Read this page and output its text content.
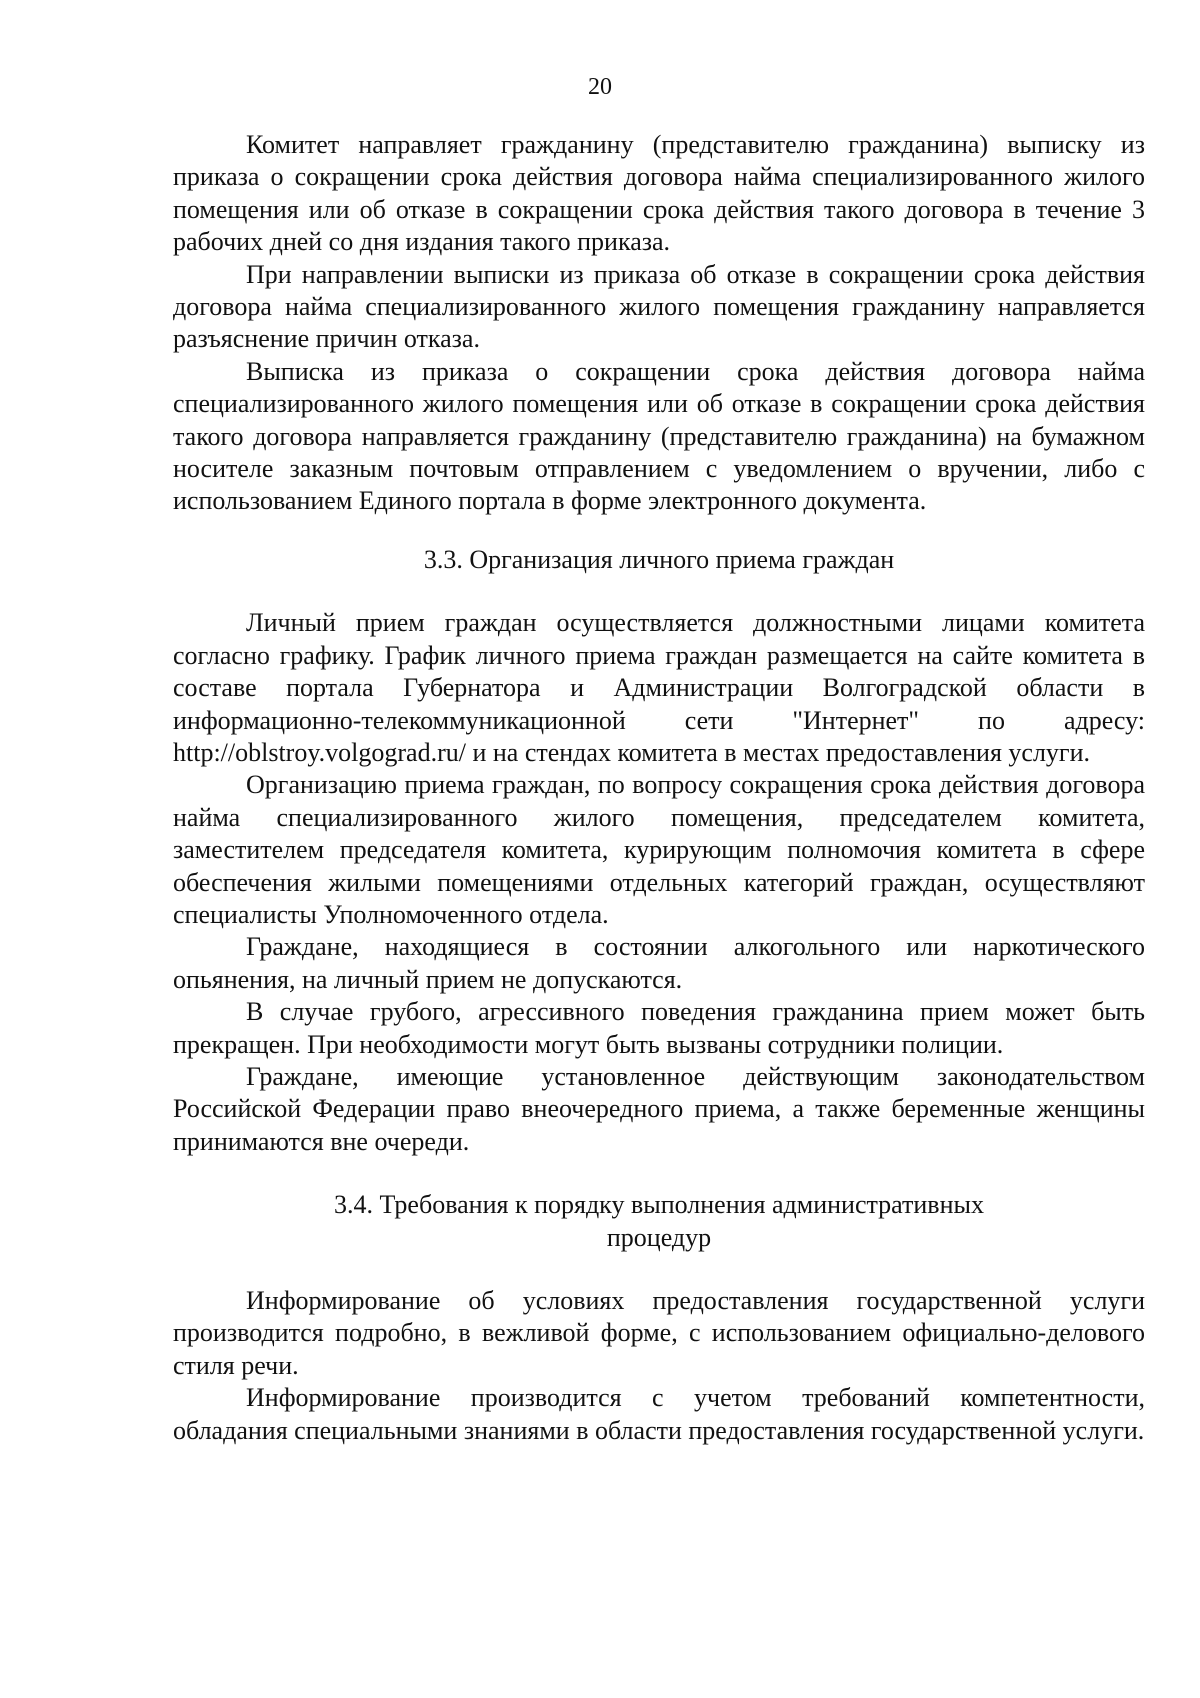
20

Комитет направляет гражданину (представителю гражданина) выписку из приказа о сокращении срока действия договора найма специализированного жилого помещения или об отказе в сокращении срока действия такого договора в течение 3 рабочих дней со дня издания такого приказа.

При направлении выписки из приказа об отказе в сокращении срока действия договора найма специализированного жилого помещения гражданину направляется разъяснение причин отказа.

Выписка из приказа о сокращении срока действия договора найма специализированного жилого помещения или об отказе в сокращении срока действия такого договора направляется гражданину (представителю гражданина) на бумажном носителе заказным почтовым отправлением с уведомлением о вручении, либо с использованием Единого портала в форме электронного документа.

3.3. Организация личного приема граждан

Личный прием граждан осуществляется должностными лицами комитета согласно графику. График личного приема граждан размещается на сайте комитета в составе портала Губернатора и Администрации Волгоградской области в информационно-телекоммуникационной сети "Интернет" по адресу: http://oblstroy.volgograd.ru/ и на стендах комитета в местах предоставления услуги.

Организацию приема граждан, по вопросу сокращения срока действия договора найма специализированного жилого помещения, председателем комитета, заместителем председателя комитета, курирующим полномочия комитета в сфере обеспечения жилыми помещениями отдельных категорий граждан, осуществляют специалисты Уполномоченного отдела.

Граждане, находящиеся в состоянии алкогольного или наркотического опьянения, на личный прием не допускаются.

В случае грубого, агрессивного поведения гражданина прием может быть прекращен. При необходимости могут быть вызваны сотрудники полиции.

Граждане, имеющие установленное действующим законодательством Российской Федерации право внеочередного приема, а также беременные женщины принимаются вне очереди.

3.4. Требования к порядку выполнения административных процедур

Информирование об условиях предоставления государственной услуги производится подробно, в вежливой форме, с использованием официально-делового стиля речи.

Информирование производится с учетом требований компетентности, обладания специальными знаниями в области предоставления государственной услуги.
